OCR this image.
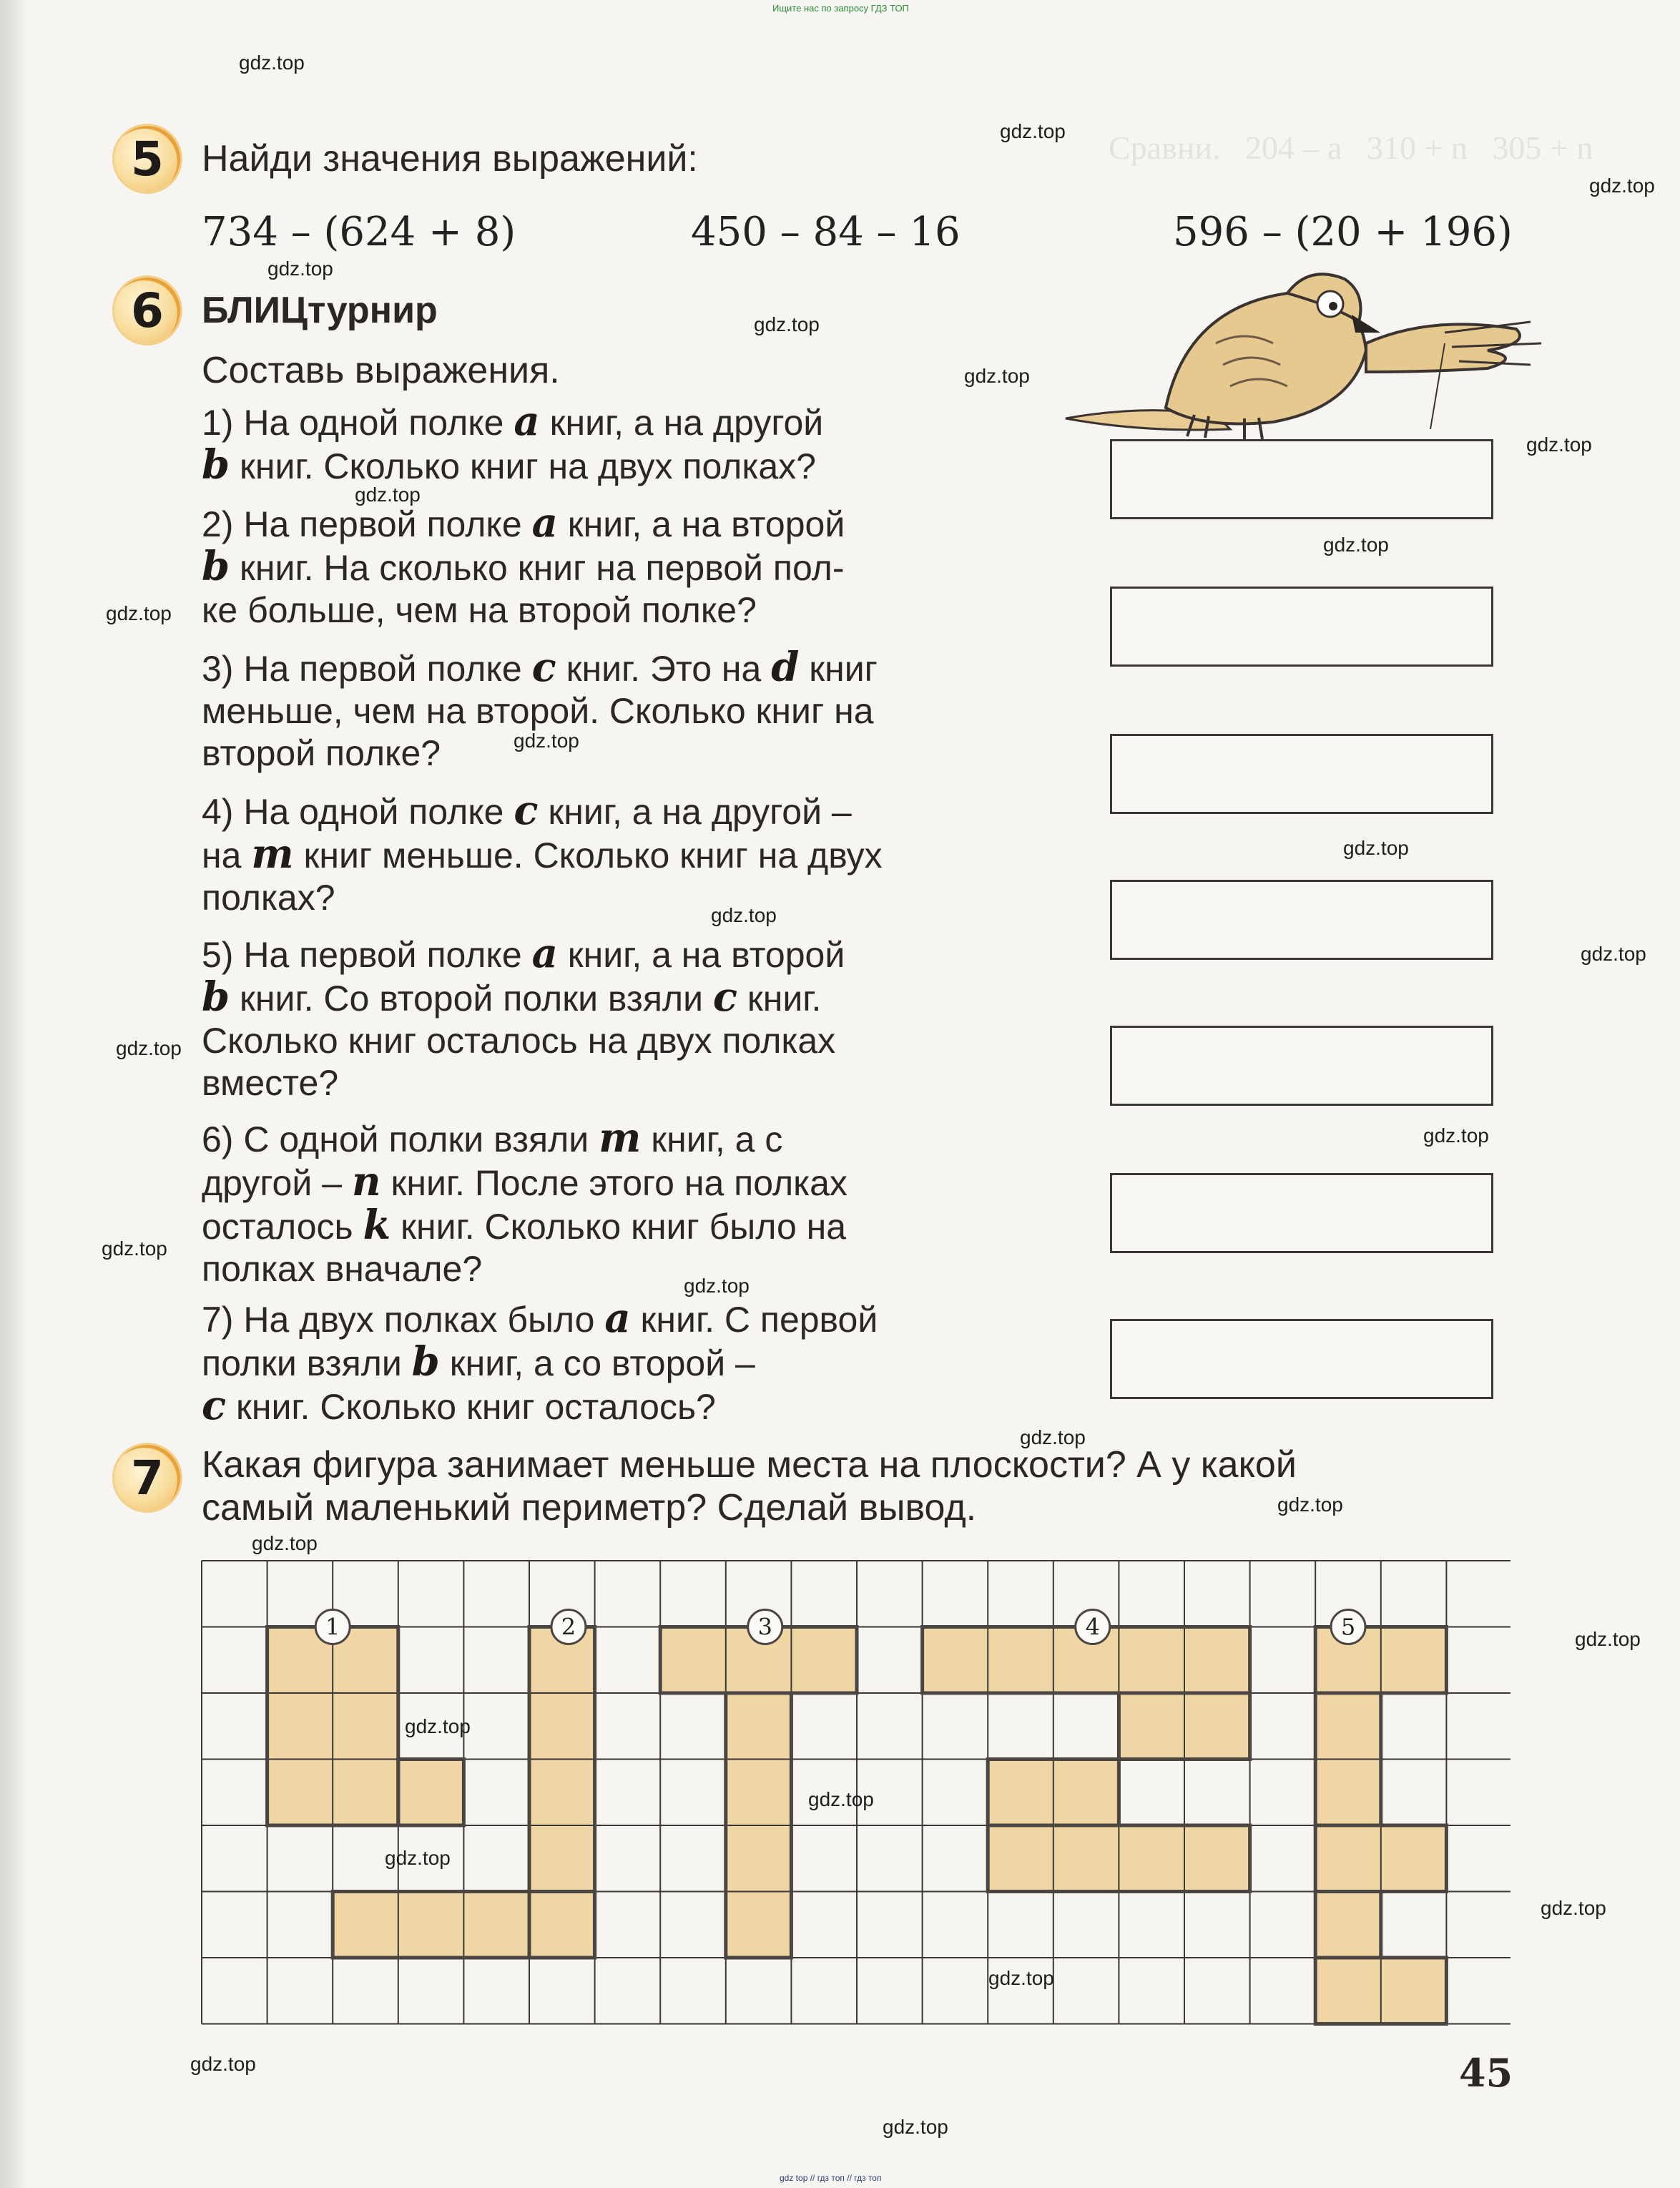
Сравни.   204 – a   310 + n   305 + n
Ищите нас по запросу ГДЗ ТОП
5	Найди значения выражений:
734 – (624 + 8)	450 – 84 – 16	596 – (20 + 196)
6	БЛИЦтурнир
Составь выражения.
1) На одной полке a книг, а на другой
b книг. Сколько книг на двух полках?
2) На первой полке a книг, а на второй
b книг. На сколько книг на первой пол-
ке больше, чем на второй полке?
3) На первой полке c книг. Это на d книг
меньше, чем на второй. Сколько книг на
второй полке?
4) На одной полке c книг, а на другой –
на m книг меньше. Сколько книг на двух
полках?
5) На первой полке a книг, а на второй
b книг. Со второй полки взяли c книг.
Сколько книг осталось на двух полках
вместе?
6) С одной полки взяли m книг, а с
другой – n книг. После этого на полках
осталось k книг. Сколько книг было на
полках вначале?
7) На двух полках было a книг. С первой
полки взяли b книг, а со второй –
c книг. Сколько книг осталось?
7	Какая фигура занимает меньше места на плоскости? А у какой
самый маленький периметр? Сделай вывод.
1	2	3	4	5
45
gdz top // гдз топ // гдз топ
gdz.top
gdz.top
gdz.top
gdz.top
gdz.top
gdz.top
gdz.top
gdz.top
gdz.top
gdz.top
gdz.top
gdz.top
gdz.top
gdz.top
gdz.top
gdz.top
gdz.top
gdz.top
gdz.top
gdz.top
gdz.top
gdz.top
gdz.top
gdz.top
gdz.top
gdz.top
gdz.top
gdz.top
gdz.top
